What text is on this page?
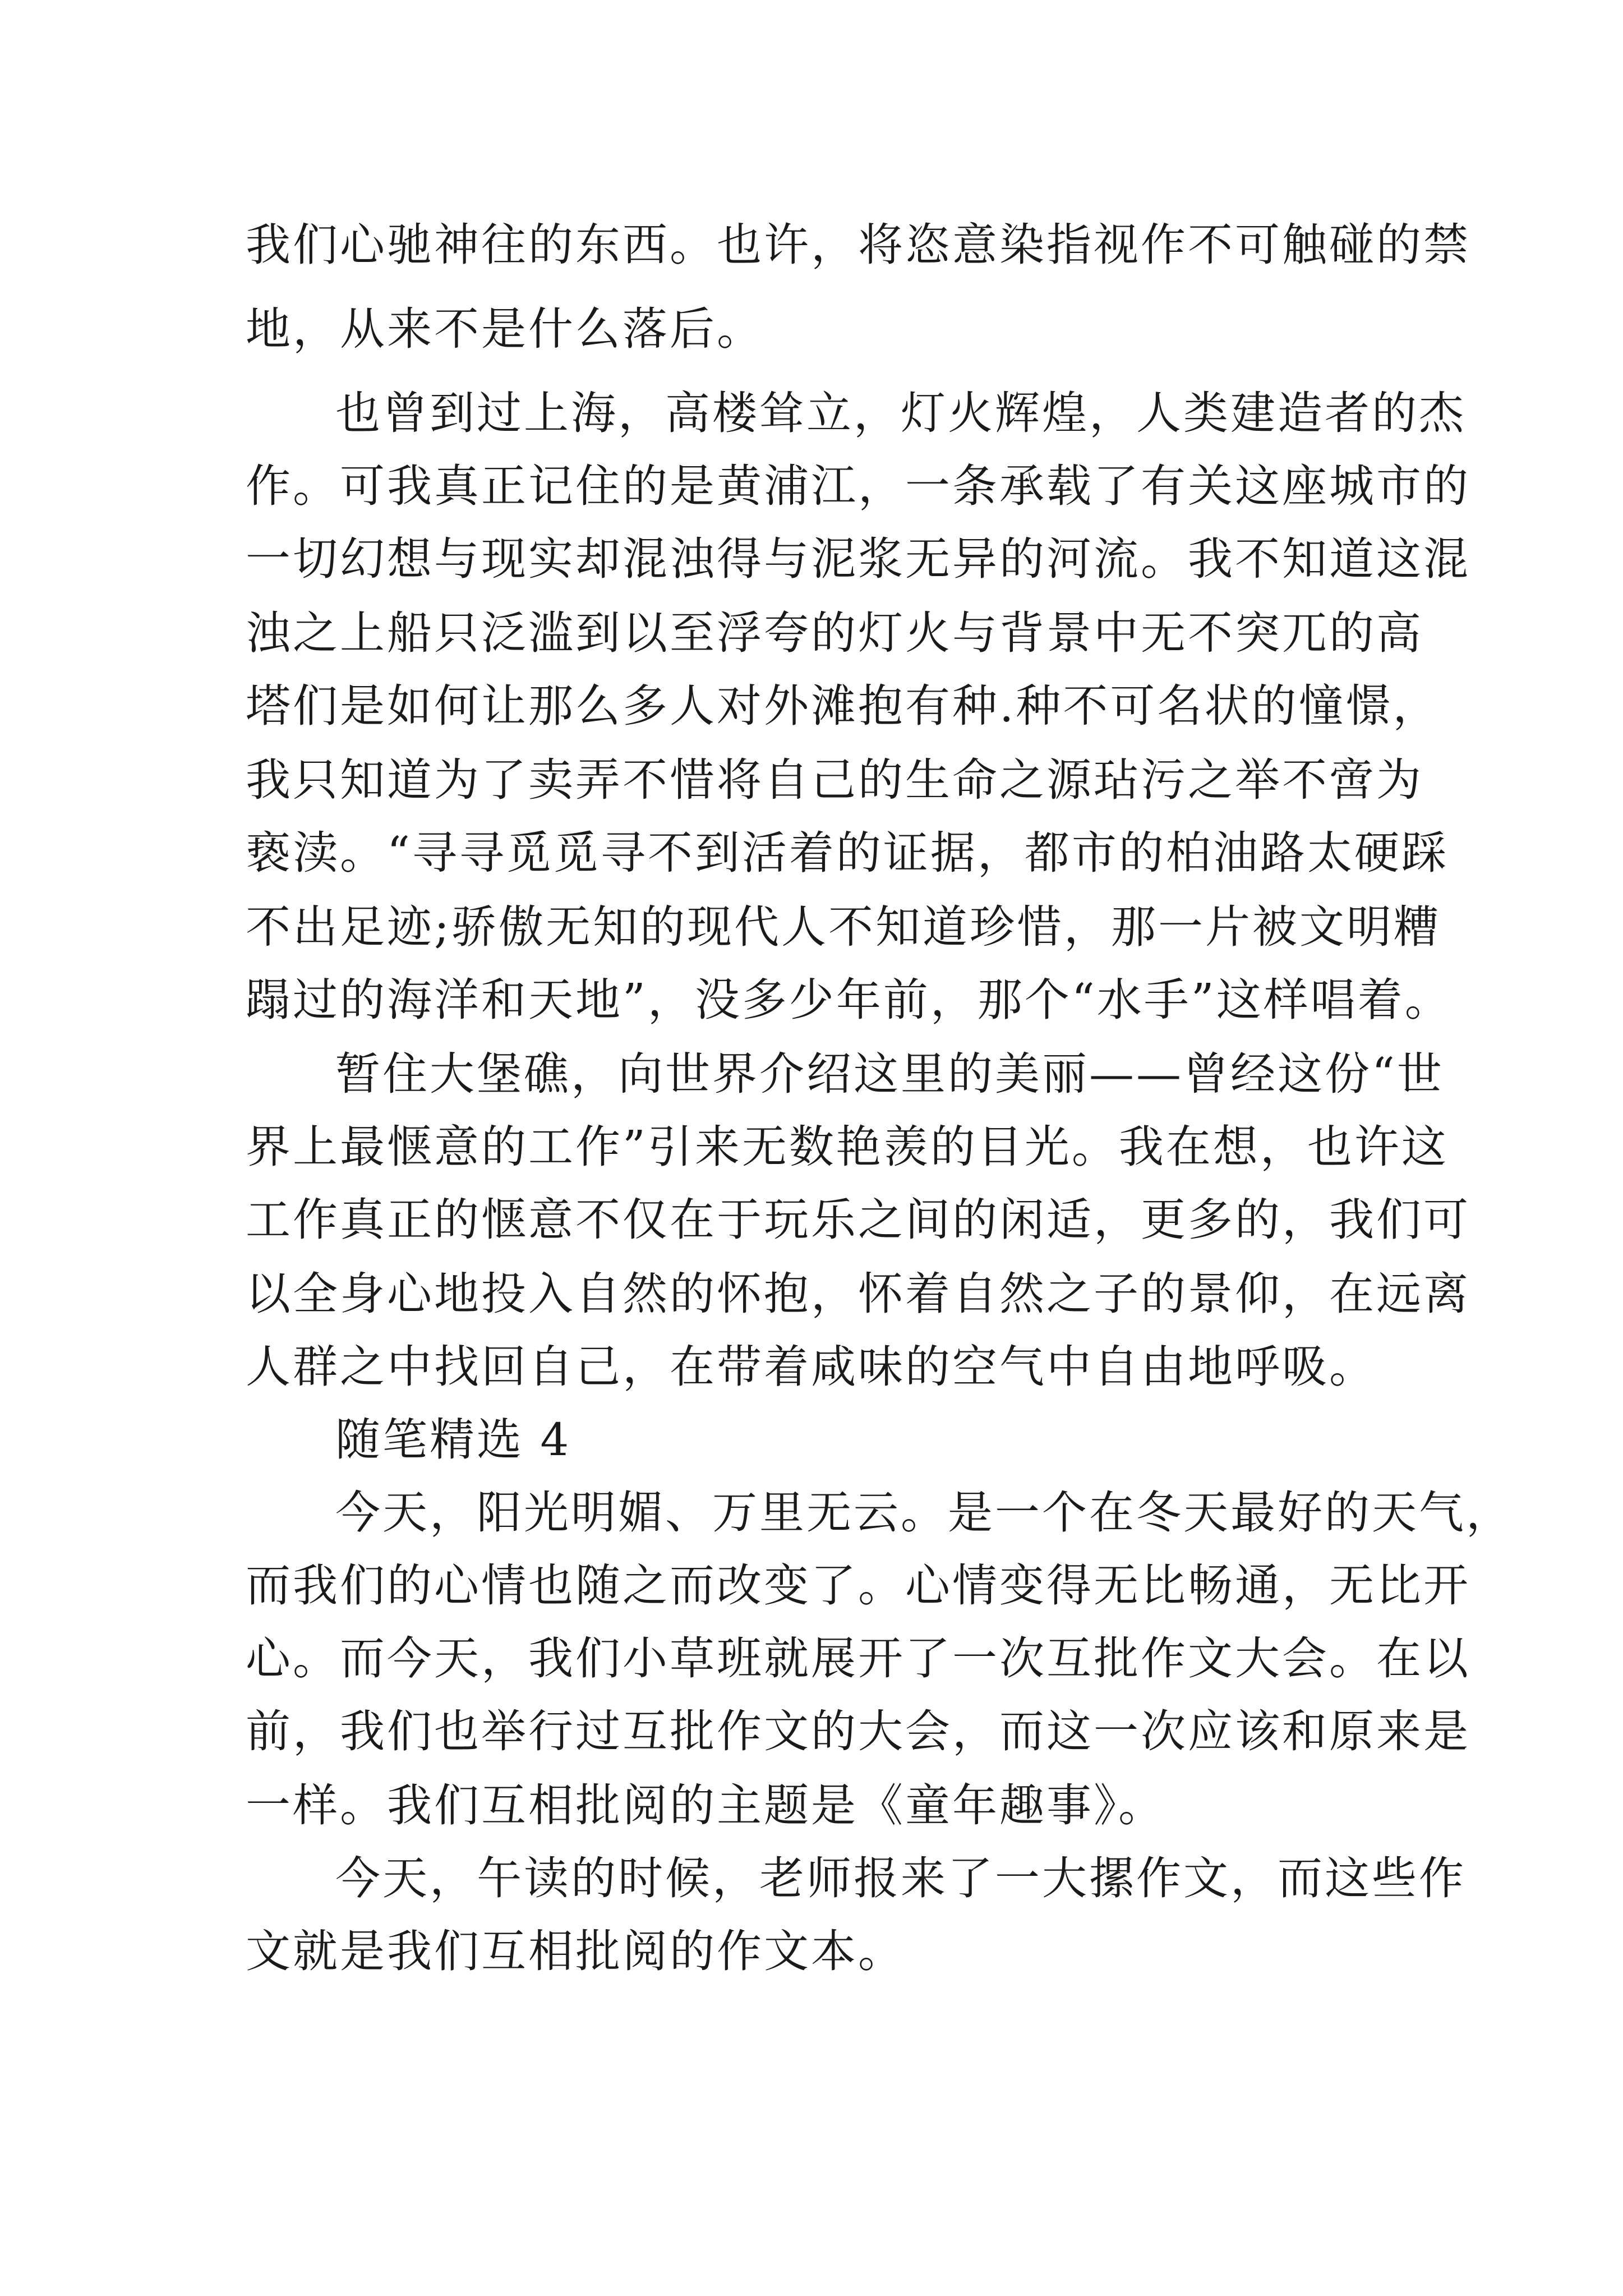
我们心驰神往的东西。也许，将恣意染指视作不可触碰的禁
地，从来不是什么落后。
也曾到过上海，高楼耸立，灯火辉煌，人类建造者的杰
作。可我真正记住的是黄浦江，一条承载了有关这座城市的
一切幻想与现实却混浊得与泥浆无异的河流。我不知道这混
浊之上船只泛滥到以至浮夸的灯火与背景中无不突兀的高
塔们是如何让那么多人对外滩抱有种.种不可名状的憧憬，
我只知道为了卖弄不惜将自己的生命之源玷污之举不啻为
亵渎。“寻寻觅觅寻不到活着的证据，都市的柏油路太硬踩
不出足迹;骄傲无知的现代人不知道珍惜，那一片被文明糟
蹋过的海洋和天地”，没多少年前，那个“水手”这样唱着。
暂住大堡礁，向世界介绍这里的美丽——曾经这份“世
界上最惬意的工作”引来无数艳羡的目光。我在想，也许这
工作真正的惬意不仅在于玩乐之间的闲适，更多的，我们可
以全身心地投入自然的怀抱，怀着自然之子的景仰，在远离
人群之中找回自己，在带着咸味的空气中自由地呼吸。
随笔精选 4
今天，阳光明媚、万里无云。是一个在冬天最好的天气，
而我们的心情也随之而改变了。心情变得无比畅通，无比开
心。而今天，我们小草班就展开了一次互批作文大会。在以
前，我们也举行过互批作文的大会，而这一次应该和原来是
一样。我们互相批阅的主题是《童年趣事》。
今天，午读的时候，老师报来了一大摞作文，而这些作
文就是我们互相批阅的作文本。
